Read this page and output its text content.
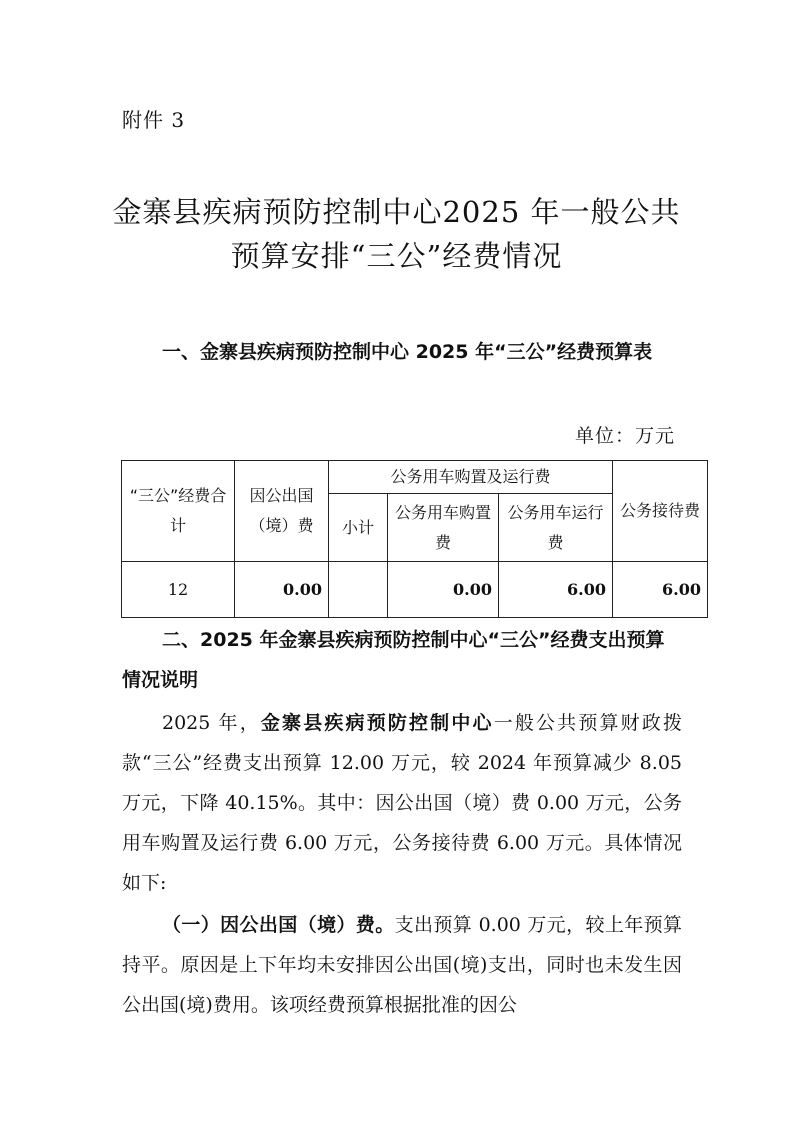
附件 3
金寨县疾病预防控制中心2025 年一般公共预算安排“三公”经费情况
一、金寨县疾病预防控制中心 2025 年“三公”经费预算表
单位：万元
“三公”经费合计	因公出国（境）费	公务用车购置及运行费			公务接待费
		小计	公务用车购置费	公务用车运行费	
12	0.00		0.00	6.00	6.00
二、2025 年金寨县疾病预防控制中心“三公”经费支出预算情况说明
2025 年，金寨县疾病预防控制中心一般公共预算财政拨款“三公”经费支出预算 12.00 万元，较 2024 年预算减少 8.05 万元，下降 40.15%。其中：因公出国（境）费 0.00 万元，公务用车购置及运行费 6.00 万元，公务接待费 6.00 万元。具体情况如下:
（一）因公出国（境）费。支出预算 0.00 万元，较上年预算持平。原因是上下年均未安排因公出国(境)支出，同时也未发生因公出国(境)费用。该项经费预算根据批准的因公
